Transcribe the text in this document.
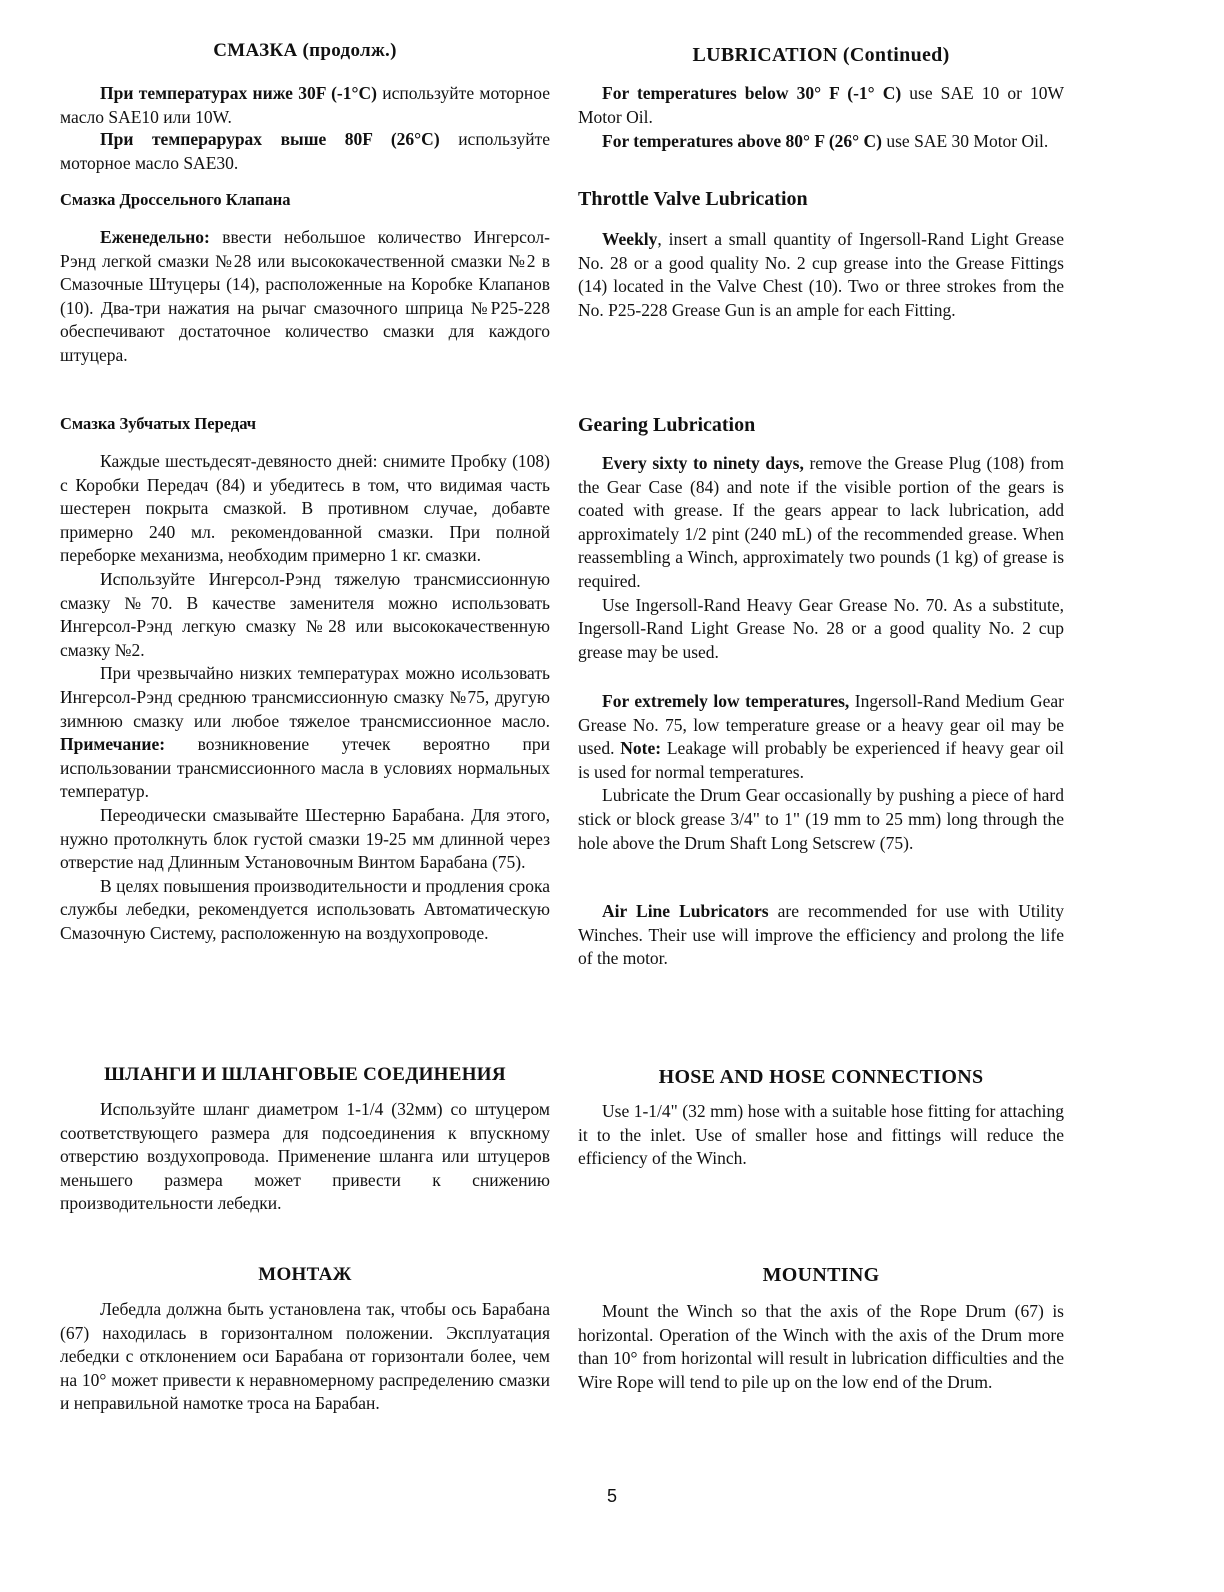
СМАЗКА (продолж.)

При температурах ниже 30F (-1°C) используйте моторное масло SAE10 или 10W.

При темперарурах выше 80F (26°C) используйте моторное масло SAE30.

Смазка Дроссельного Клапана

Еженедельно: ввести небольшое количество Ингерсол-Рэнд легкой смазки №28 или высококачественной смазки №2 в Смазочные Штуцеры (14), расположенные на Коробке Клапанов (10). Два-три нажатия на рычаг смазочного шприца №P25-228 обеспечивают достаточное количество смазки для каждого штуцера.

Смазка Зубчатых Передач

Каждые шестьдесят-девяносто дней: снимите Пробку (108) с Коробки Передач (84) и убедитесь в том, что видимая часть шестерен покрыта смазкой. В противном случае, добавте примерно 240 мл. рекомендованной смазки. При полной переборке механизма, необходим примерно 1 кг. смазки.

Используйте Ингерсол-Рэнд тяжелую трансмиссионную смазку №70. В качестве заменителя можно использовать Ингерсол-Рэнд легкую смазку №28 или высококачественную смазку №2.

При чрезвычайно низких температурах можно исользовать Ингерсол-Рэнд среднюю трансмиссионную смазку №75, другую зимнюю смазку или любое тяжелое трансмиссионное масло. Примечание: возникновение утечек вероятно при использовании трансмиссионного масла в условиях нормальных температур.

Переодически смазывайте Шестерню Барабана. Для этого, нужно протолкнуть блок густой смазки 19-25 мм длинной через отверстие над Длинным Установочным Винтом Барабана (75).

В целях повышения производительности и продления срока службы лебедки, рекомендуется использовать Автоматическую Смазочную Систему, расположенную на воздухопроводе.

ШЛАНГИ И ШЛАНГОВЫЕ СОЕДИНЕНИЯ

Используйте шланг диаметром 1-1/4 (32мм) со штуцером соответствующего размера для подсоединения к впускному отверстию воздухопровода. Применение шланга или штуцеров меньшего размера может привести к снижению производительности лебедки.

МОНТАЖ

Лебедла должна быть установлена так, чтобы ось Барабана (67) находилась в горизонталном положении. Эксплуатация лебедки с отклонением оси Барабана от горизонтали более, чем на 10° может привести к неравномерному распределению смазки и неправильной намотке троса на Барабан.

LUBRICATION (Continued)

For temperatures below 30° F (-1° C) use SAE 10 or 10W Motor Oil.

For temperatures above 80° F (26° C) use SAE 30 Motor Oil.

Throttle Valve Lubrication

Weekly, insert a small quantity of Ingersoll-Rand Light Grease No. 28 or a good quality No. 2 cup grease into the Grease Fittings (14) located in the Valve Chest (10). Two or three strokes from the No. P25-228 Grease Gun is an ample for each Fitting.

Gearing Lubrication

Every sixty to ninety days, remove the Grease Plug (108) from the Gear Case (84) and note if the visible portion of the gears is coated with grease. If the gears appear to lack lubrication, add approximately 1/2 pint (240 mL) of the recommended grease. When reassembling a Winch, approximately two pounds (1 kg) of grease is required.

Use Ingersoll-Rand Heavy Gear Grease No. 70. As a substitute, Ingersoll-Rand Light Grease No. 28 or a good quality No. 2 cup grease may be used.

For extremely low temperatures, Ingersoll-Rand Medium Gear Grease No. 75, low temperature grease or a heavy gear oil may be used. Note: Leakage will probably be experienced if heavy gear oil is used for normal temperatures.

Lubricate the Drum Gear occasionally by pushing a piece of hard stick or block grease 3/4" to 1" (19 mm to 25 mm) long through the hole above the Drum Shaft Long Setscrew (75).

Air Line Lubricators are recommended for use with Utility Winches. Their use will improve the efficiency and prolong the life of the motor.

HOSE AND HOSE CONNECTIONS

Use 1-1/4" (32 mm) hose with a suitable hose fitting for attaching it to the inlet. Use of smaller hose and fittings will reduce the efficiency of the Winch.

MOUNTING

Mount the Winch so that the axis of the Rope Drum (67) is horizontal. Operation of the Winch with the axis of the Drum more than 10° from horizontal will result in lubrication difficulties and the Wire Rope will tend to pile up on the low end of the Drum.

5
